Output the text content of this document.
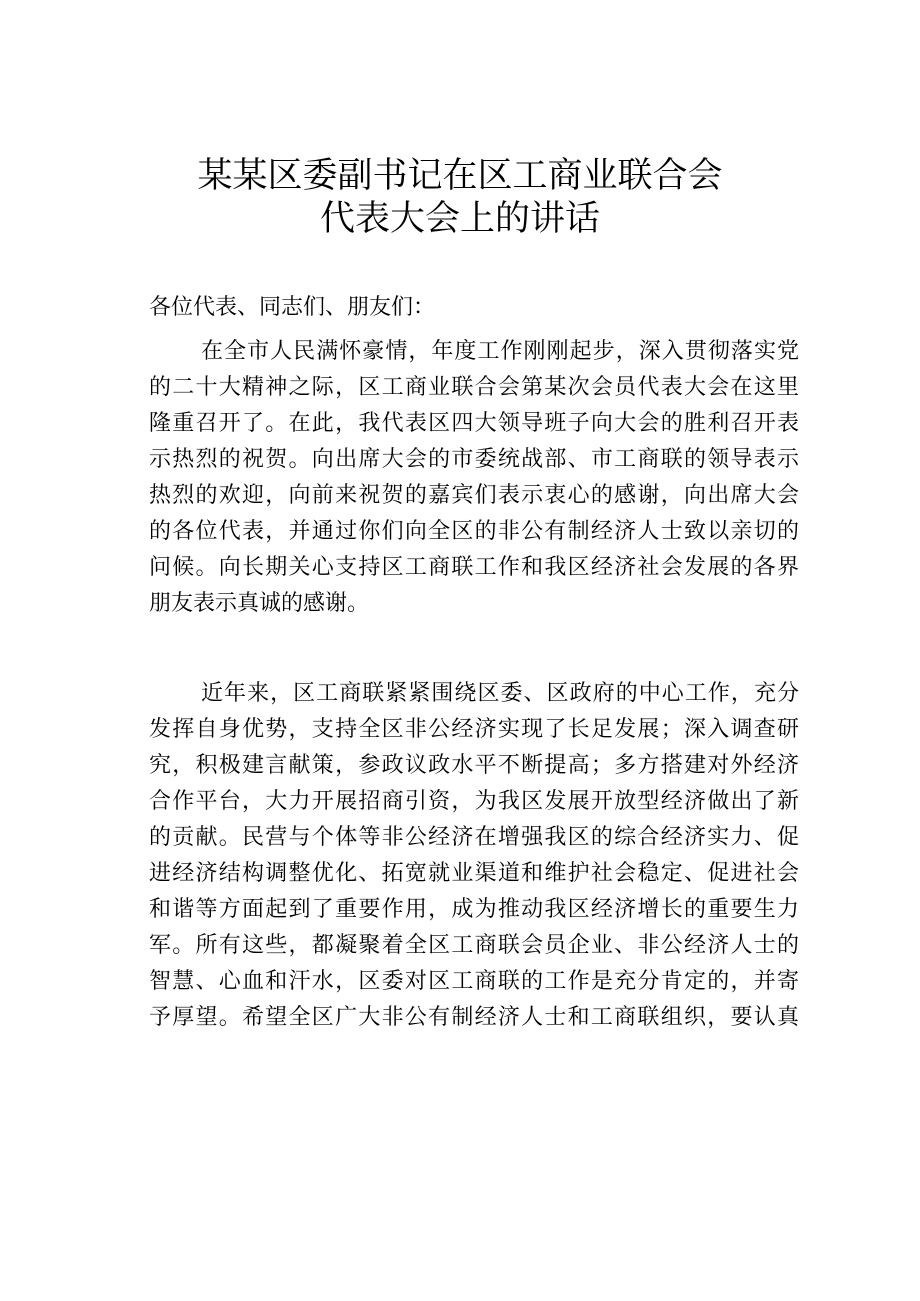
某某区委副书记在区工商业联合会
代表大会上的讲话

各位代表、同志们、朋友们：

在全市人民满怀豪情，年度工作刚刚起步，深入贯彻落实党
的二十大精神之际，区工商业联合会第某次会员代表大会在这里
隆重召开了。在此，我代表区四大领导班子向大会的胜利召开表
示热烈的祝贺。向出席大会的市委统战部、市工商联的领导表示
热烈的欢迎，向前来祝贺的嘉宾们表示衷心的感谢，向出席大会
的各位代表，并通过你们向全区的非公有制经济人士致以亲切的
问候。向长期关心支持区工商联工作和我区经济社会发展的各界
朋友表示真诚的感谢。
近年来，区工商联紧紧围绕区委、区政府的中心工作，充分
发挥自身优势，支持全区非公经济实现了长足发展；深入调查研
究，积极建言献策，参政议政水平不断提高；多方搭建对外经济
合作平台，大力开展招商引资，为我区发展开放型经济做出了新
的贡献。民营与个体等非公经济在增强我区的综合经济实力、促
进经济结构调整优化、拓宽就业渠道和维护社会稳定、促进社会
和谐等方面起到了重要作用，成为推动我区经济增长的重要生力
军。所有这些，都凝聚着全区工商联会员企业、非公经济人士的
智慧、心血和汗水，区委对区工商联的工作是充分肯定的，并寄
予厚望。希望全区广大非公有制经济人士和工商联组织，要认真
